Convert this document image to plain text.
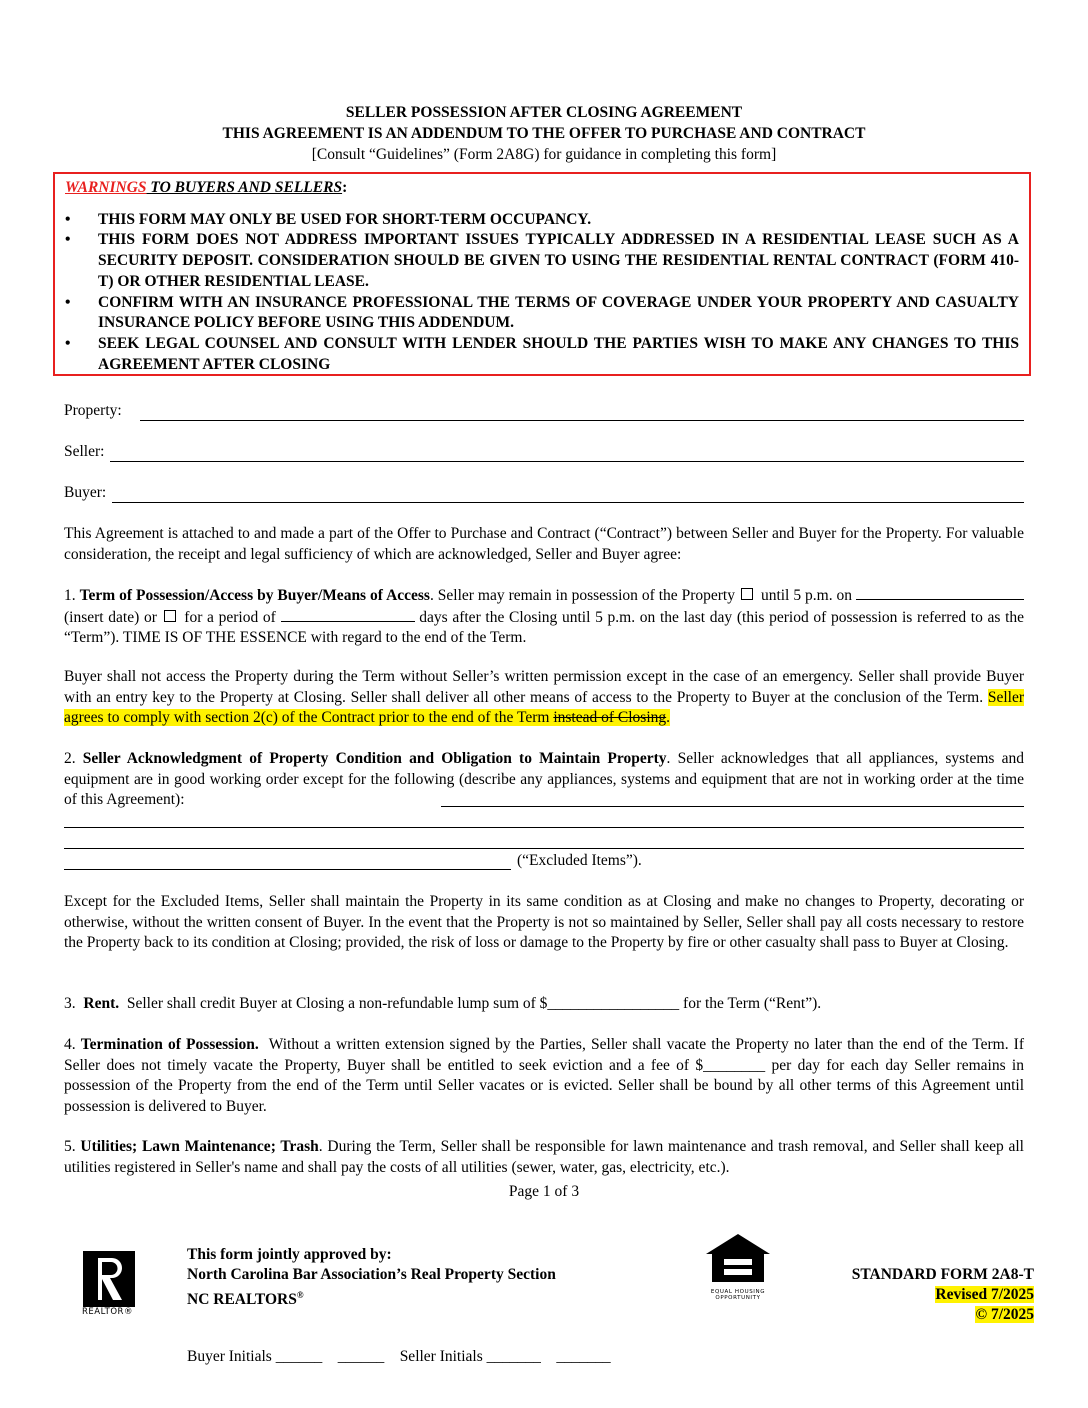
SELLER POSSESSION AFTER CLOSING AGREEMENT
THIS AGREEMENT IS AN ADDENDUM TO THE OFFER TO PURCHASE AND CONTRACT
[Consult “Guidelines” (Form 2A8G) for guidance in completing this form]
WARNINGS TO BUYERS AND SELLERS:
• THIS FORM MAY ONLY BE USED FOR SHORT-TERM OCCUPANCY.
• THIS FORM DOES NOT ADDRESS IMPORTANT ISSUES TYPICALLY ADDRESSED IN A RESIDENTIAL LEASE SUCH AS A SECURITY DEPOSIT. CONSIDERATION SHOULD BE GIVEN TO USING THE RESIDENTIAL RENTAL CONTRACT (FORM 410-T) OR OTHER RESIDENTIAL LEASE.
• CONFIRM WITH AN INSURANCE PROFESSIONAL THE TERMS OF COVERAGE UNDER YOUR PROPERTY AND CASUALTY INSURANCE POLICY BEFORE USING THIS ADDENDUM.
• SEEK LEGAL COUNSEL AND CONSULT WITH LENDER SHOULD THE PARTIES WISH TO MAKE ANY CHANGES TO THIS AGREEMENT AFTER CLOSING
Property:
Seller:
Buyer:
This Agreement is attached to and made a part of the Offer to Purchase and Contract (“Contract”) between Seller and Buyer for the Property. For valuable consideration, the receipt and legal sufficiency of which are acknowledged, Seller and Buyer agree:
1. Term of Possession/Access by Buyer/Means of Access. Seller may remain in possession of the Property until 5 p.m. on  (insert date) or for a period of	days after the Closing until 5 p.m. on the last day (this period of possession is referred to as the “Term”). TIME IS OF THE ESSENCE with regard to the end of the Term.
Buyer shall not access the Property during the Term without Seller’s written permission except in the case of an emergency. Seller shall provide Buyer with an entry key to the Property at Closing. Seller shall deliver all other means of access to the Property to Buyer at the conclusion of the Term. Seller agrees to comply with section 2(c) of the Contract prior to the end of the Term instead of Closing.
2. Seller Acknowledgment of Property Condition and Obligation to Maintain Property. Seller acknowledges that all appliances, systems and equipment are in good working order except for the following (describe any appliances, systems and equipment that are not in working order at the time of this Agreement):
(“Excluded Items”).
Except for the Excluded Items, Seller shall maintain the Property in its same condition as at Closing and make no changes to Property, decorating or otherwise, without the written consent of Buyer. In the event that the Property is not so maintained by Seller, Seller shall pay all costs necessary to restore the Property back to its condition at Closing; provided, the risk of loss or damage to the Property by fire or other casualty shall pass to Buyer at Closing.
3. Rent. Seller shall credit Buyer at Closing a non-refundable lump sum of $_________________ for the Term (“Rent”).
4. Termination of Possession. Without a written extension signed by the Parties, Seller shall vacate the Property no later than the end of the Term. If Seller does not timely vacate the Property, Buyer shall be entitled to seek eviction and a fee of $________ per day for each day Seller remains in possession of the Property from the end of the Term until Seller vacates or is evicted. Seller shall be bound by all other terms of this Agreement until possession is delivered to Buyer.
5. Utilities; Lawn Maintenance; Trash. During the Term, Seller shall be responsible for lawn maintenance and trash removal, and Seller shall keep all utilities registered in Seller's name and shall pay the costs of all utilities (sewer, water, gas, electricity, etc.).
Page 1 of 3
REALTOR®
This form jointly approved by:
North Carolina Bar Association’s Real Property Section
NC REALTORS®	EQUAL HOUSING
OPPORTUNITY
STANDARD FORM 2A8-T
Revised 7/2025
© 7/2025
Buyer Initials ______    ______ Seller Initials _______    _______
